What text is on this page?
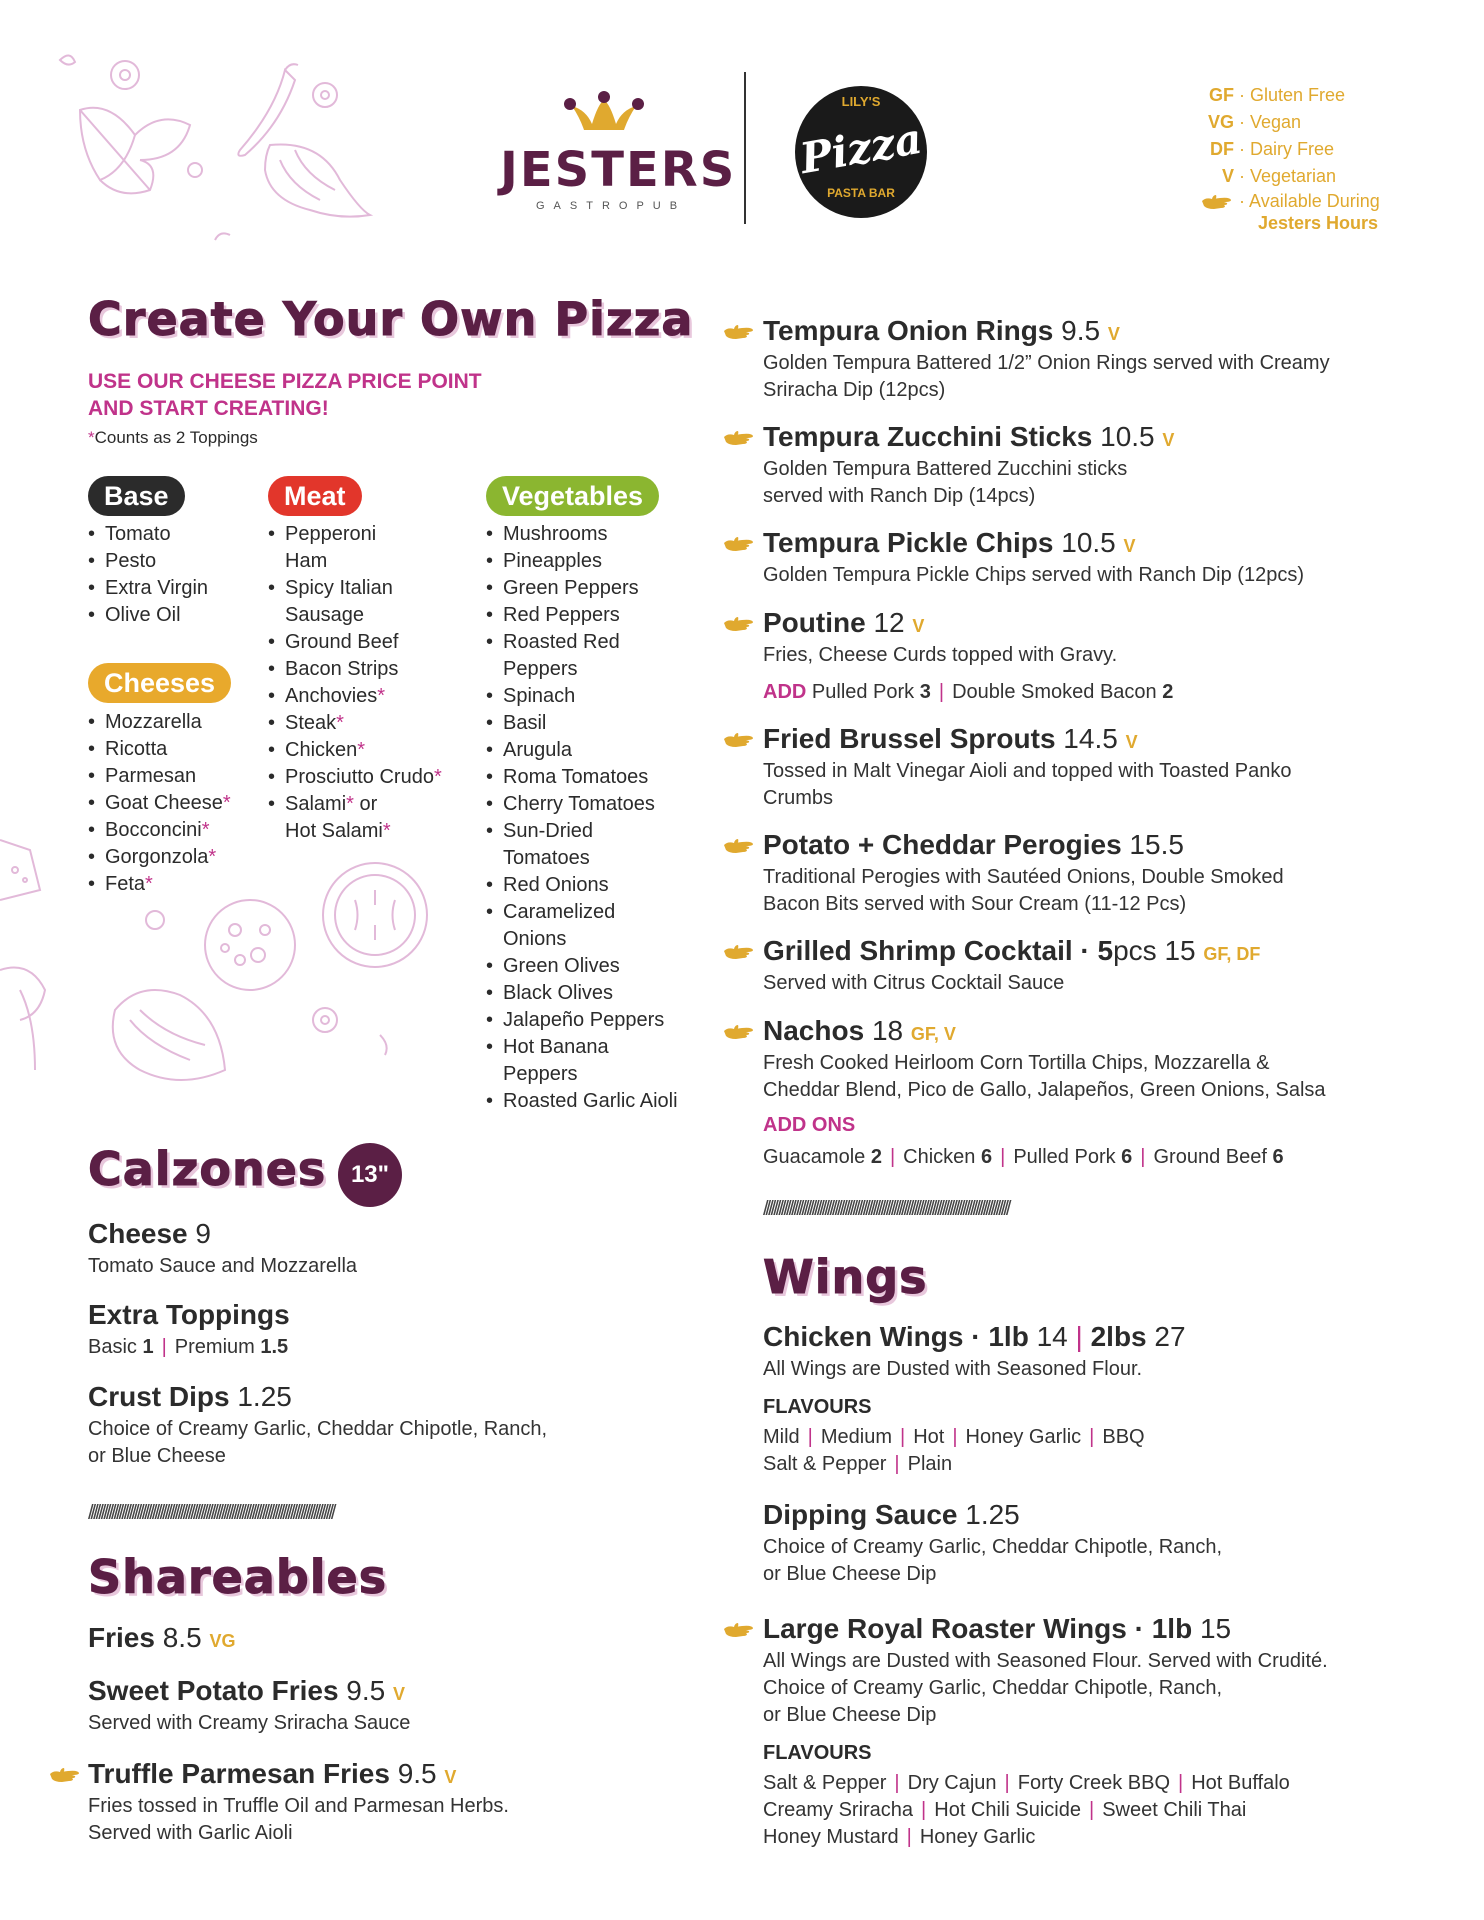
JESTERS
GASTROPUB
LILY'S
Pizza
PASTA BAR
GF · Gluten Free
VG · Vegan
DF · Dairy Free
V · Vegetarian
· Available During
Jesters Hours
Create Your Own Pizza
USE OUR CHEESE PIZZA PRICE POINT
AND START CREATING!
*Counts as 2 Toppings
Base
• Tomato
• Pesto
• Extra Virgin
• Olive Oil
Cheeses
• Mozzarella
• Ricotta
• Parmesan
• Goat Cheese*
• Bocconcini*
• Gorgonzola*
• Feta*
Meat
• Pepperoni
Ham
• Spicy Italian
Sausage
• Ground Beef
• Bacon Strips
• Anchovies*
• Steak*
• Chicken*
• Prosciutto Crudo*
• Salami* or
Hot Salami*
Vegetables
• Mushrooms
• Pineapples
• Green Peppers
• Red Peppers
• Roasted Red
Peppers
• Spinach
• Basil
• Arugula
• Roma Tomatoes
• Cherry Tomatoes
• Sun-Dried
Tomatoes
• Red Onions
• Caramelized
Onions
• Green Olives
• Black Olives
• Jalapeño Peppers
• Hot Banana
Peppers
• Roasted Garlic Aioli
Calzones	13"
Cheese 9
Tomato Sauce and Mozzarella
Extra Toppings
Basic 1 | Premium 1.5
Crust Dips 1.25
Choice of Creamy Garlic, Cheddar Chipotle, Ranch,
or Blue Cheese
////////////////////////////////////////////////////////////////////////////////////////////////
Shareables
Fries 8.5 VG
Sweet Potato Fries 9.5 V
Served with Creamy Sriracha Sauce
Truffle Parmesan Fries 9.5 V
Fries tossed in Truffle Oil and Parmesan Herbs.
Served with Garlic Aioli
Tempura Onion Rings 9.5 V
Golden Tempura Battered 1/2” Onion Rings served with Creamy
Sriracha Dip (12pcs)
Tempura Zucchini Sticks 10.5 V
Golden Tempura Battered Zucchini sticks
served with Ranch Dip (14pcs)
Tempura Pickle Chips 10.5 V
Golden Tempura Pickle Chips served with Ranch Dip (12pcs)
Poutine 12 V
Fries, Cheese Curds topped with Gravy.
ADD Pulled Pork 3 | Double Smoked Bacon 2
Fried Brussel Sprouts 14.5 V
Tossed in Malt Vinegar Aioli and topped with Toasted Panko
Crumbs
Potato + Cheddar Perogies 15.5
Traditional Perogies with Sautéed Onions, Double Smoked
Bacon Bits served with Sour Cream (11-12 Pcs)
Grilled Shrimp Cocktail · 5pcs 15 GF, DF
Served with Citrus Cocktail Sauce
Nachos 18 GF, V
Fresh Cooked Heirloom Corn Tortilla Chips, Mozzarella &
Cheddar Blend, Pico de Gallo, Jalapeños, Green Onions, Salsa
ADD ONS
Guacamole 2 | Chicken 6 | Pulled Pork 6 | Ground Beef 6
////////////////////////////////////////////////////////////////////////////////////////////////
Wings
Chicken Wings · 1lb 14 | 2lbs 27
All Wings are Dusted with Seasoned Flour.
FLAVOURS
Mild | Medium | Hot | Honey Garlic | BBQ
Salt & Pepper | Plain
Dipping Sauce 1.25
Choice of Creamy Garlic, Cheddar Chipotle, Ranch,
or Blue Cheese Dip
Large Royal Roaster Wings · 1lb 15
All Wings are Dusted with Seasoned Flour. Served with Crudité.
Choice of Creamy Garlic, Cheddar Chipotle, Ranch,
or Blue Cheese Dip
FLAVOURS
Salt & Pepper | Dry Cajun | Forty Creek BBQ | Hot Buffalo
Creamy Sriracha | Hot Chili Suicide | Sweet Chili Thai
Honey Mustard | Honey Garlic
